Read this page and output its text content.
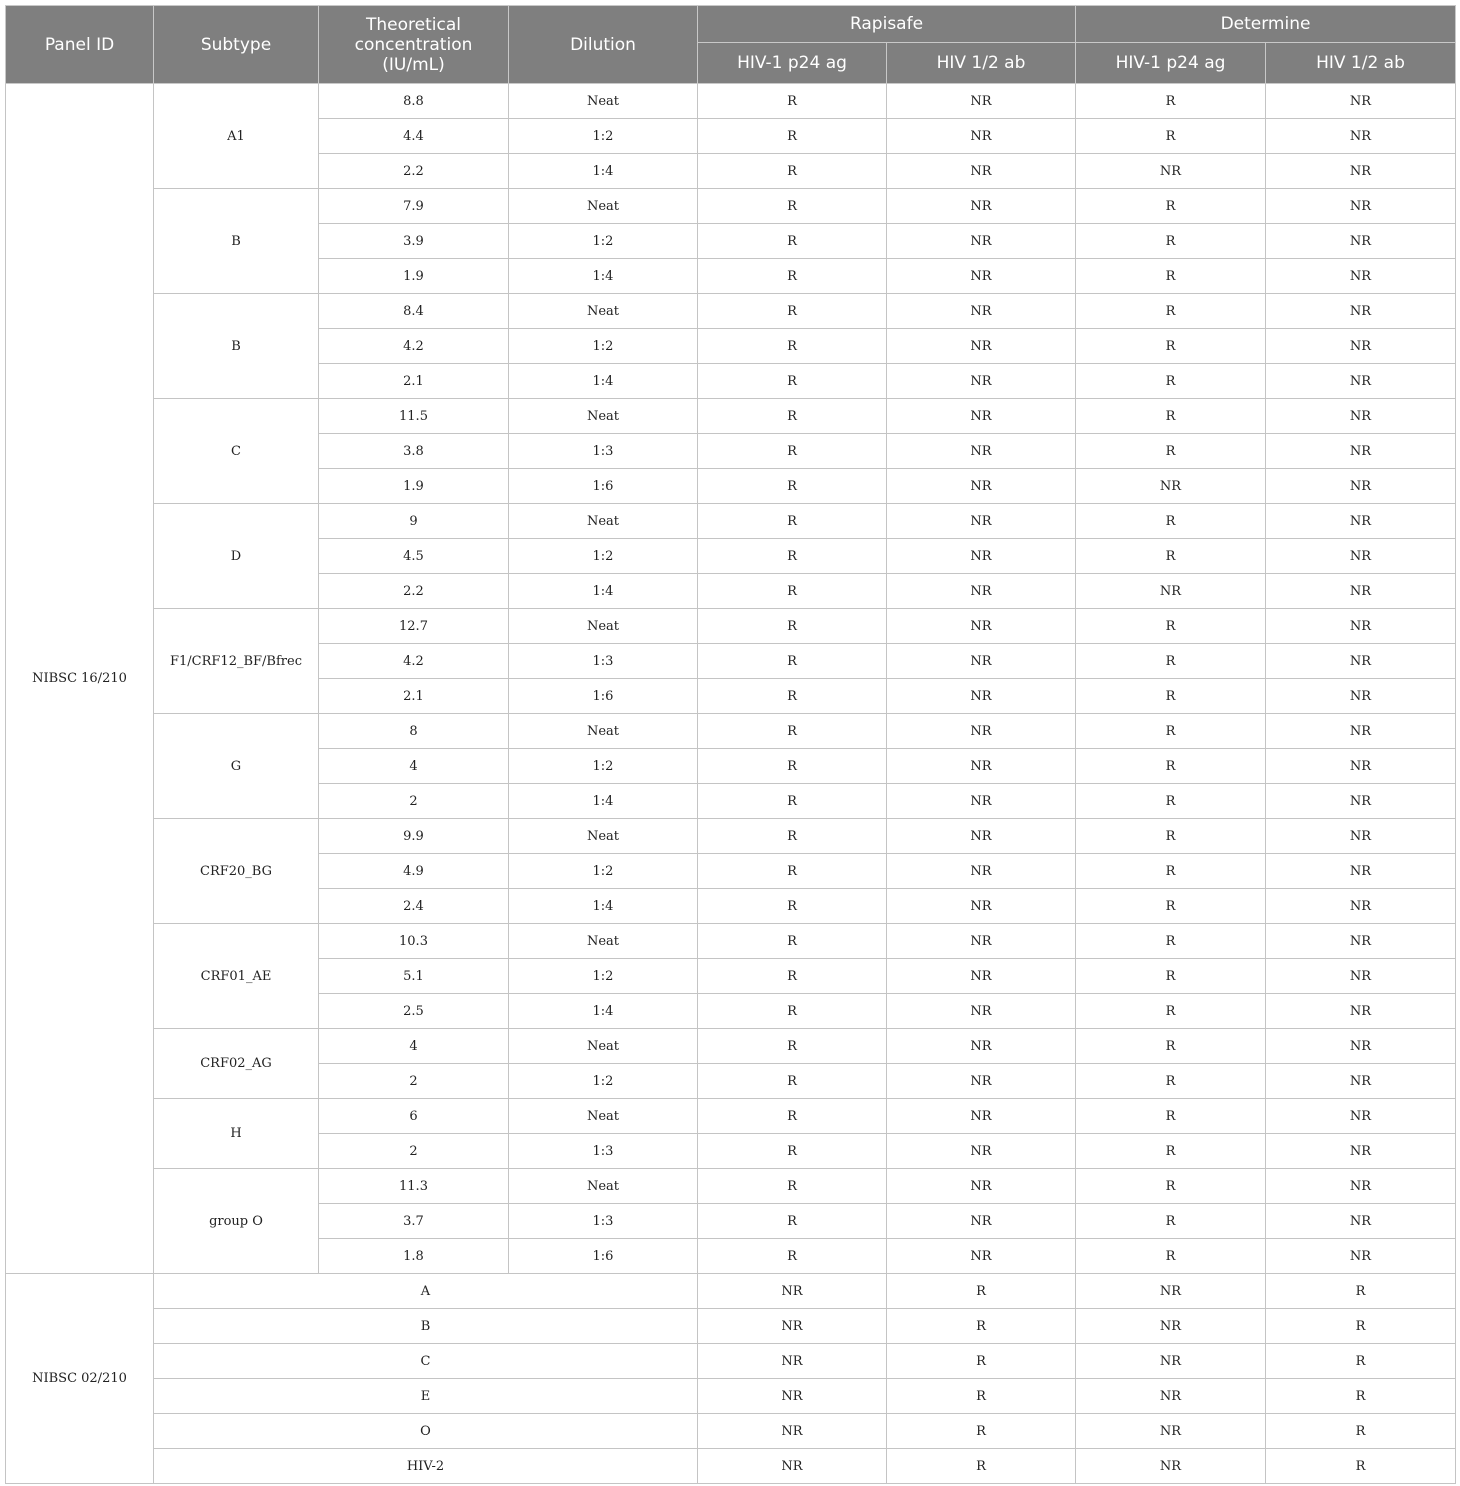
Panel ID	Subtype	Theoretical concentration (IU/mL)	Dilution	Rapisafe		Determine	
				HIV-1 p24 ag	HIV 1/2 ab	HIV-1 p24 ag	HIV 1/2 ab
NIBSC 16/210	A1	8.8	Neat	R	NR	R	NR
		4.4	1:2	R	NR	R	NR
		2.2	1:4	R	NR	NR	NR
	B	7.9	Neat	R	NR	R	NR
		3.9	1:2	R	NR	R	NR
		1.9	1:4	R	NR	R	NR
	B	8.4	Neat	R	NR	R	NR
		4.2	1:2	R	NR	R	NR
		2.1	1:4	R	NR	R	NR
	C	11.5	Neat	R	NR	R	NR
		3.8	1:3	R	NR	R	NR
		1.9	1:6	R	NR	NR	NR
	D	9	Neat	R	NR	R	NR
		4.5	1:2	R	NR	R	NR
		2.2	1:4	R	NR	NR	NR
	F1/CRF12_BF/Bfrec	12.7	Neat	R	NR	R	NR
		4.2	1:3	R	NR	R	NR
		2.1	1:6	R	NR	R	NR
	G	8	Neat	R	NR	R	NR
		4	1:2	R	NR	R	NR
		2	1:4	R	NR	R	NR
	CRF20_BG	9.9	Neat	R	NR	R	NR
		4.9	1:2	R	NR	R	NR
		2.4	1:4	R	NR	R	NR
	CRF01_AE	10.3	Neat	R	NR	R	NR
		5.1	1:2	R	NR	R	NR
		2.5	1:4	R	NR	R	NR
	CRF02_AG	4	Neat	R	NR	R	NR
		2	1:2	R	NR	R	NR
	H	6	Neat	R	NR	R	NR
		2	1:3	R	NR	R	NR
	group O	11.3	Neat	R	NR	R	NR
		3.7	1:3	R	NR	R	NR
		1.8	1:6	R	NR	R	NR
NIBSC 02/210	A			NR	R	NR	R
	B			NR	R	NR	R
	C			NR	R	NR	R
	E			NR	R	NR	R
	O			NR	R	NR	R
	HIV-2			NR	R	NR	R
